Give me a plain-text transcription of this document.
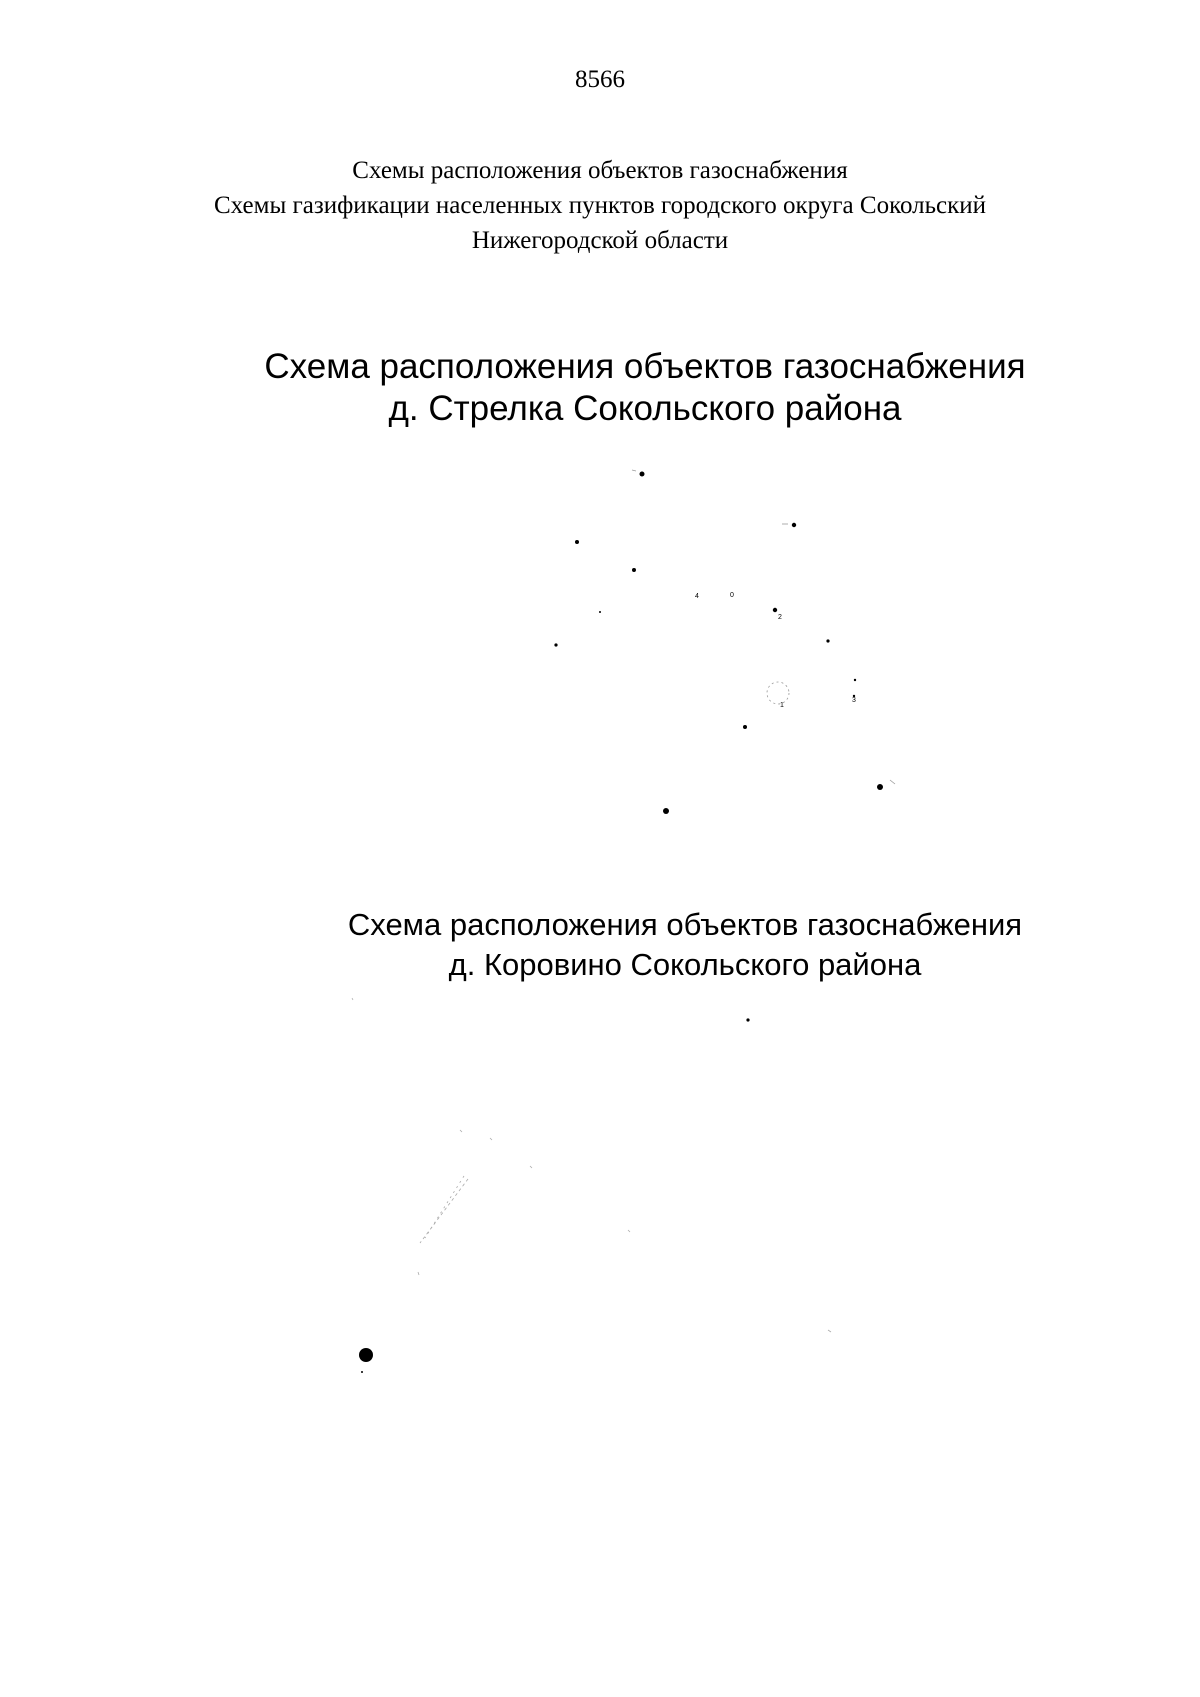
8566
Схемы расположения объектов газоснабжения
Схемы газификации населенных пунктов городского округа Сокольский
Нижегородской области
Схема расположения объектов газоснабжения
д. Стрелка Сокольского района
4	0
2
1
3
Схема расположения объектов газоснабжения
д. Коровино Сокольского района
